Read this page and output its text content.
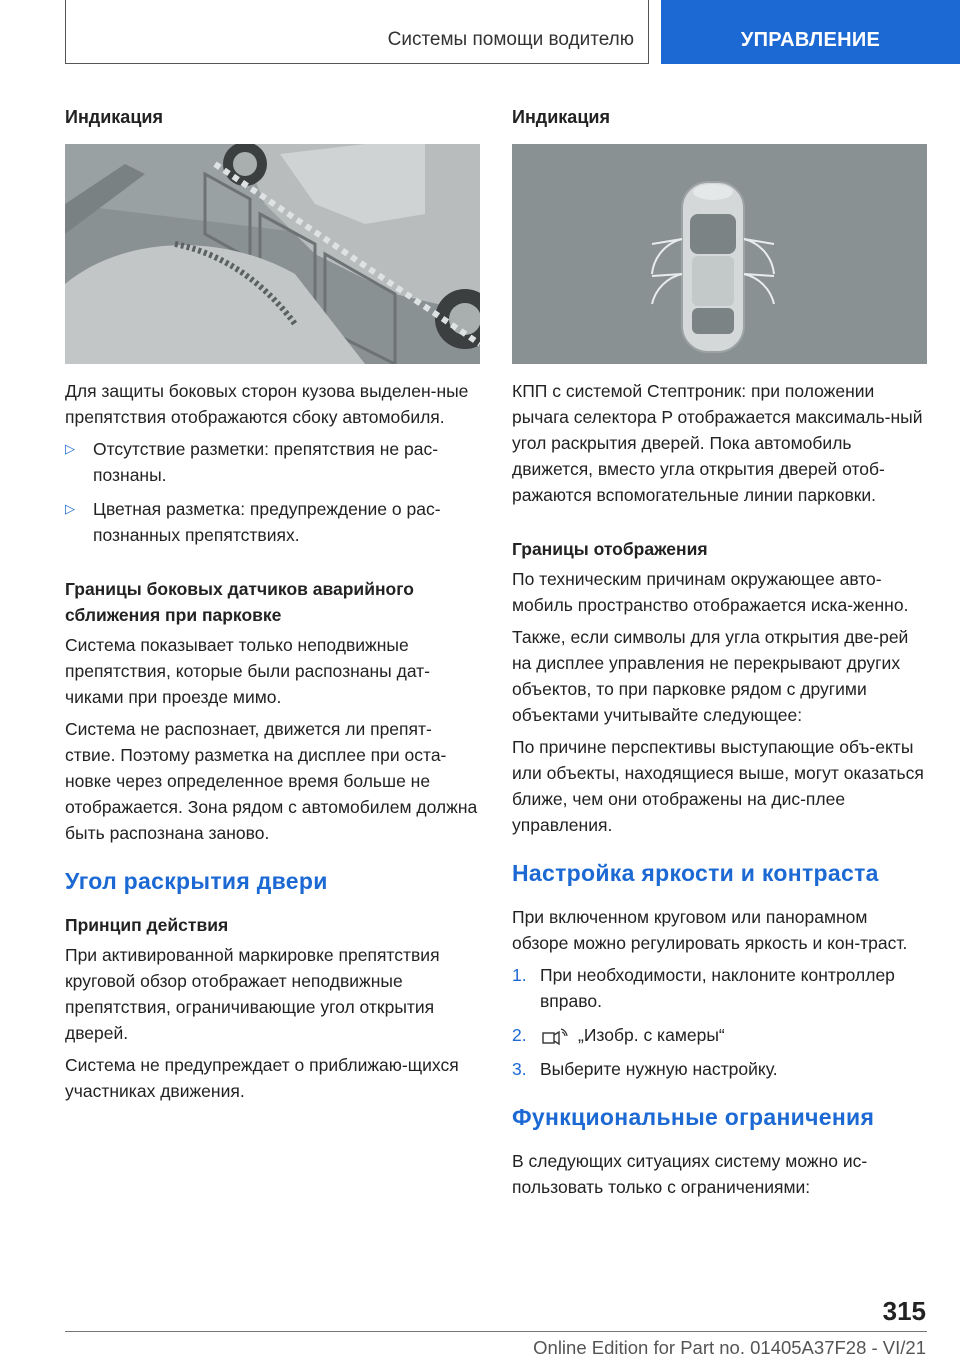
Системы помощи водителю	УПРАВЛЕНИЕ
Индикация

Для защиты боковых сторон кузова выделен-ные препятствия отображаются сбоку автомобиля.

▷	Отсутствие разметки: препятствия не рас-познаны.
▷	Цветная разметка: предупреждение о рас-познанных препятствиях.
Границы боковых датчиков аварийного сближения при парковке

Система показывает только неподвижные препятствия, которые были распознаны дат-чиками при проезде мимо.

Система не распознает, движется ли препят-ствие. Поэтому разметка на дисплее при оста-новке через определенное время больше не отображается. Зона рядом с автомобилем должна быть распознана заново.

Угол раскрытия двери
Принцип действия

При активированной маркировке препятствия круговой обзор отображает неподвижные препятствия, ограничивающие угол открытия дверей.

Система не предупреждает о приближаю-щихся участниках движения.

Индикация

КПП с системой Стептроник: при положении рычага селектора P отображается максималь-ный угол раскрытия дверей. Пока автомобиль движется, вместо угла открытия дверей отоб-ражаются вспомогательные линии парковки.

Границы отображения

По техническим причинам окружающее авто-мобиль пространство отображается иска-женно.

Также, если символы для угла открытия две-рей на дисплее управления не перекрывают других объектов, то при парковке рядом с другими объектами учитывайте следующее:

По причине перспективы выступающие объ-екты или объекты, находящиеся выше, могут оказаться ближе, чем они отображены на дис-плее управления.

Настройка яркости и контраста

При включенном круговом или панорамном обзоре можно регулировать яркость и кон-траст.

1. При необходимости, наклоните контроллер вправо.
2.	„Изобр. с камеры“
3. Выберите нужную настройку.
Функциональные ограничения

В следующих ситуациях систему можно ис-пользовать только с ограничениями:

315
Online Edition for Part no. 01405A37F28 - VI/21
